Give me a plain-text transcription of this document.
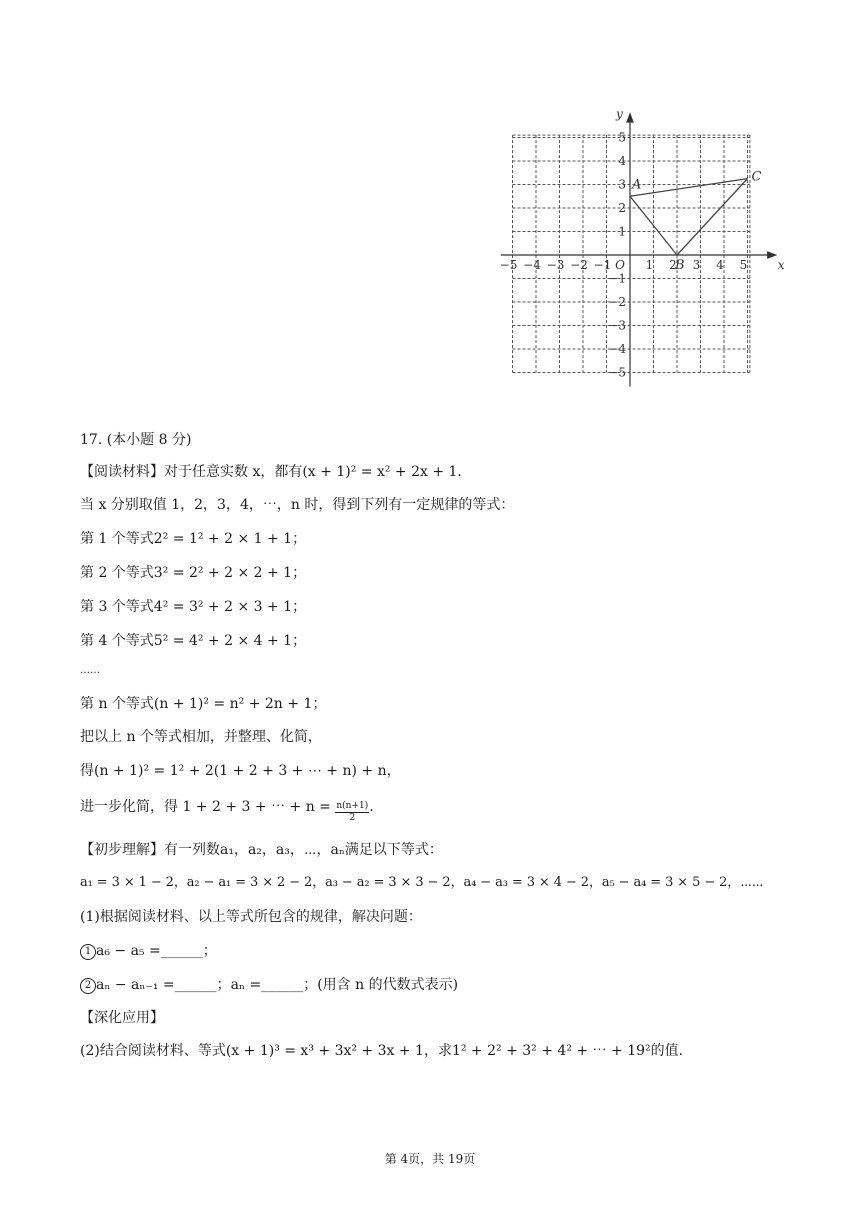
−5 −4 −3 −2 −1	1 2 3 4 5
5
4
3
2
1
−1
−2
−3
−4
−5
O	x
y
A
B
C
17. (本小题 8 分)
【阅读材料】对于任意实数 x，都有(x + 1)² = x² + 2x + 1．
当 x 分别取值 1，2，3，4，⋯，n 时，得到下列有一定规律的等式：
第 1 个等式2² = 1² + 2 × 1 + 1；
第 2 个等式3² = 2² + 2 × 2 + 1；
第 3 个等式4² = 3² + 2 × 3 + 1；
第 4 个等式5² = 4² + 2 × 4 + 1；
……
第 n 个等式(n + 1)² = n² + 2n + 1；
把以上 n 个等式相加，并整理、化简，
得(n + 1)² = 1² + 2(1 + 2 + 3 + ⋯ + n) + n，
进一步化简，得 1 + 2 + 3 + ⋯ + $n = \frac{n(n+1)}{2}$ .
【初步理解】有一列数a₁，a₂，a₃，⋯，aₙ满足以下等式：
a₁ = 3 × 1 − 2，a₂ − a₁ = 3 × 2 − 2，a₃ − a₂ = 3 × 3 − 2，a₄ − a₃ = 3 × 4 − 2，a₅ − a₄ = 3 × 5 − 2，⋯⋯
(1)根据阅读材料、以上等式所包含的规律，解决问题：
1 a₆ − a₅ =______；
2 aₙ − aₙ₋₁ =______；aₙ =______；(用含 n 的代数式表示)
【深化应用】
(2)结合阅读材料、等式(x + 1)³ = x³ + 3x² + 3x + 1，求1² + 2² + 3² + 4² + ⋯ + 19²的值．
第 4页，共 19页
